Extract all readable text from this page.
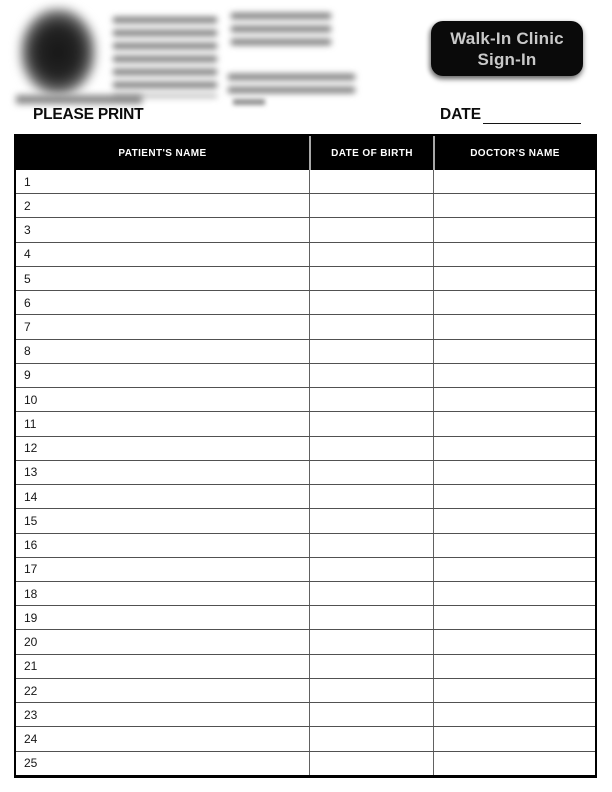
Walk-In Clinic
Sign-In
PLEASE PRINT	DATE
PATIENT'S NAME	DATE OF BIRTH	DOCTOR'S NAME
1
2
3
4
5
6
7
8
9
10
11
12
13
14
15
16
17
18
19
20
21
22
23
24
25
